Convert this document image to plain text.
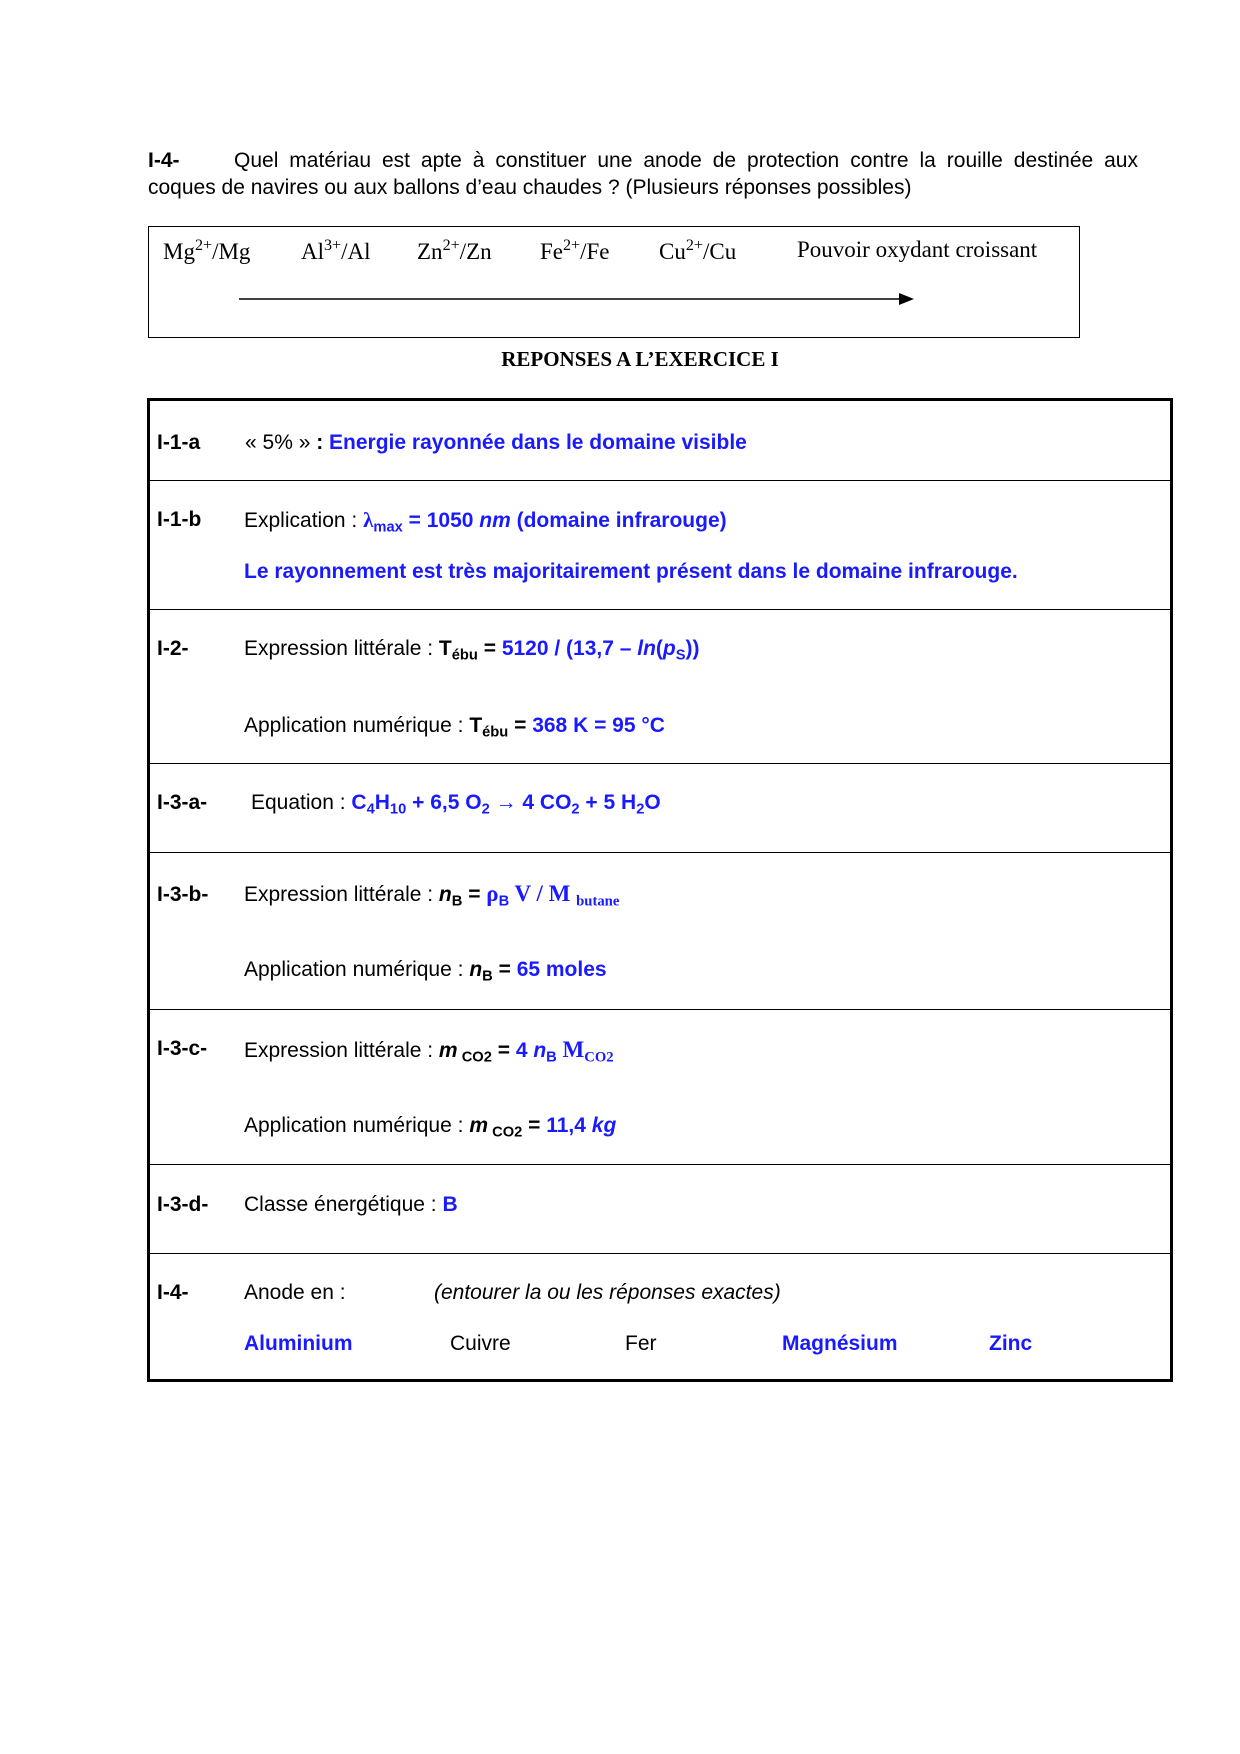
I-4-	Quel matériau est apte à constituer une anode de protection contre la rouille destinée aux coques de navires ou aux ballons d’eau chaudes ? (Plusieurs réponses possibles)
$Mg^{2+}/Mg$ $Al^{3+}/Al$ $Zn^{2+}/Zn$ $Fe^{2+}/Fe$ $Cu^{2+}/Cu$	Pouvoir oxydant croissant
REPONSES A L’EXERCICE I
I-1-a « 5% » : Energie rayonnée dans le domaine visible
I-1-b Explication : $\lambda_{max} = 1050$ nm (domaine infrarouge)
Le rayonnement est très majoritairement présent dans le domaine infrarouge.
I-2-	Expression littérale : $T_{ébu} = 5120 / (13,7 - \ln(p_S))$
Application numérique : $T_{ébu} = 368$ K = 95 °C
I-3-a- Equation : $C_4H_{10} + 6,5$ $O_2 \to 4$ $CO_2 + 5$ $H_2O$
I-3-b- Expression littérale : $n_B = \rho_B$ V / M $_{butane}$
Application numérique : $n_B = 65$ moles
I-3-c- Expression littérale : m $_{CO2}$ = 4 $n_B$ $M_{CO2}$
Application numérique : m $_{CO2}$ = 11,4 kg
I-3-d- Classe énergétique : B
I-4-	Anode en :	(entourer la ou les réponses exactes)
Aluminium	Cuivre	Fer	Magnésium	Zinc
